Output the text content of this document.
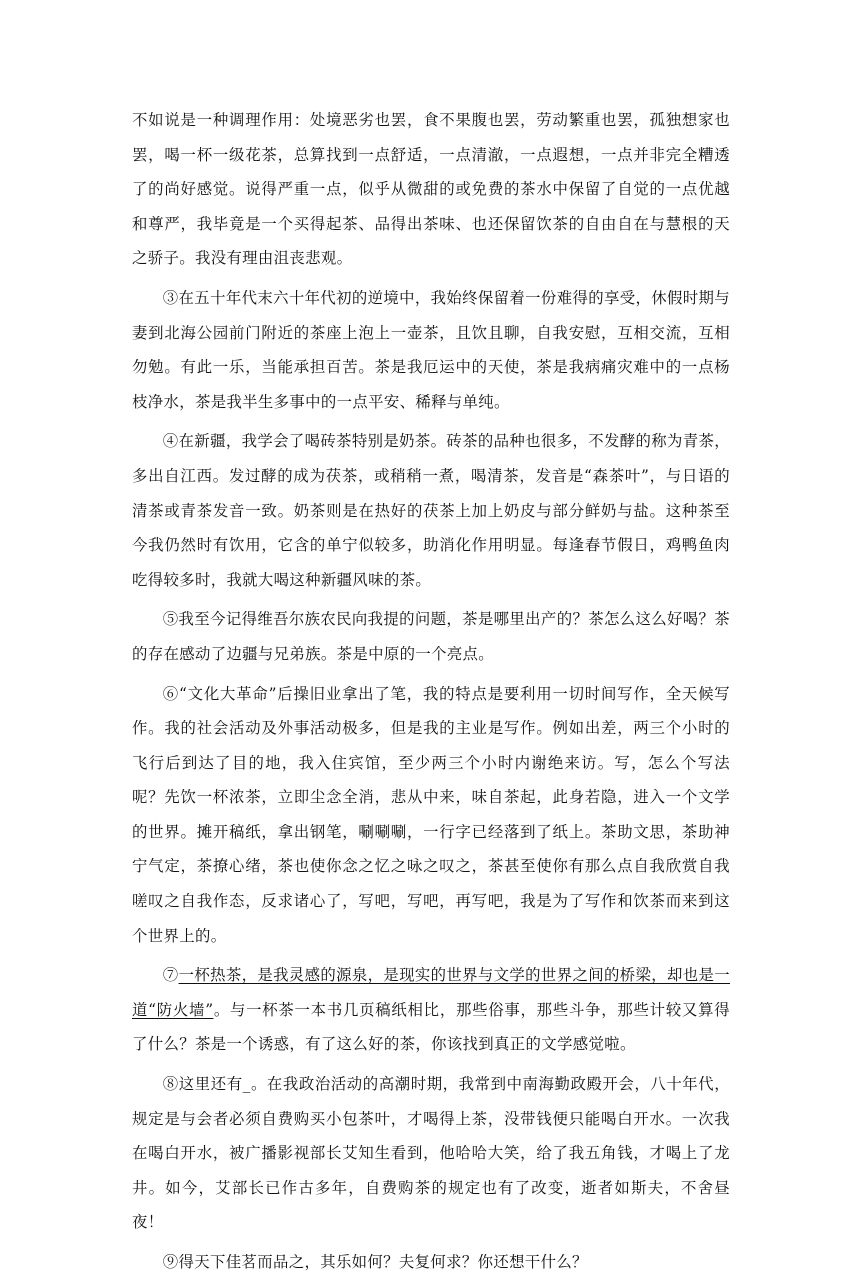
不如说是一种调理作用：处境恶劣也罢，食不果腹也罢，劳动繁重也罢，孤独想家也罢，喝一杯一级花茶，总算找到一点舒适，一点清澈，一点遐想，一点并非完全糟透了的尚好感觉。说得严重一点，似乎从微甜的或免费的茶水中保留了自觉的一点优越和尊严，我毕竟是一个买得起茶、品得出茶味、也还保留饮茶的自由自在与慧根的天之骄子。我没有理由沮丧悲观。

③在五十年代末六十年代初的逆境中，我始终保留着一份难得的享受，休假时期与妻到北海公园前门附近的茶座上泡上一壶茶，且饮且聊，自我安慰，互相交流，互相勿勉。有此一乐，当能承担百苦。茶是我厄运中的天使，茶是我病痛灾难中的一点杨枝净水，茶是我半生多事中的一点平安、稀释与单纯。

④在新疆，我学会了喝砖茶特别是奶茶。砖茶的品种也很多，不发酵的称为青茶，多出自江西。发过酵的成为茯茶，或稍稍一煮，喝清茶，发音是“森茶叶”，与日语的清茶或青茶发音一致。奶茶则是在热好的茯茶上加上奶皮与部分鲜奶与盐。这种茶至今我仍然时有饮用，它含的单宁似较多，助消化作用明显。每逢春节假日，鸡鸭鱼肉吃得较多时，我就大喝这种新疆风味的茶。

⑤我至今记得维吾尔族农民向我提的问题，茶是哪里出产的？茶怎么这么好喝？茶的存在感动了边疆与兄弟族。茶是中原的一个亮点。

⑥“文化大革命”后操旧业拿出了笔，我的特点是要利用一切时间写作，全天候写作。我的社会活动及外事活动极多，但是我的主业是写作。例如出差，两三个小时的飞行后到达了目的地，我入住宾馆，至少两三个小时内谢绝来访。写，怎么个写法呢？先饮一杯浓茶，立即尘念全消，悲从中来，味自茶起，此身若隐，进入一个文学的世界。摊开稿纸，拿出钢笔，唰唰唰，一行字已经落到了纸上。茶助文思，茶助神宁气定，茶撩心绪，茶也使你念之忆之咏之叹之，茶甚至使你有那么点自我欣赏自我嗟叹之自我作态，反求诸心了，写吧，写吧，再写吧，我是为了写作和饮茶而来到这个世界上的。

⑦一杯热茶，是我灵感的源泉，是现实的世界与文学的世界之间的桥梁，却也是一道“防火墙”。与一杯茶一本书几页稿纸相比，那些俗事，那些斗争，那些计较又算得了什么？茶是一个诱惑，有了这么好的茶，你该找到真正的文学感觉啦。

⑧这里还有_。在我政治活动的高潮时期，我常到中南海勤政殿开会，八十年代，规定是与会者必须自费购买小包茶叶，才喝得上茶，没带钱便只能喝白开水。一次我在喝白开水，被广播影视部长艾知生看到，他哈哈大笑，给了我五角钱，才喝上了龙井。如今，艾部长已作古多年，自费购茶的规定也有了改变，逝者如斯夫，不舍昼夜！

⑨得天下佳茗而品之，其乐如何？夫复何求？你还想干什么？
